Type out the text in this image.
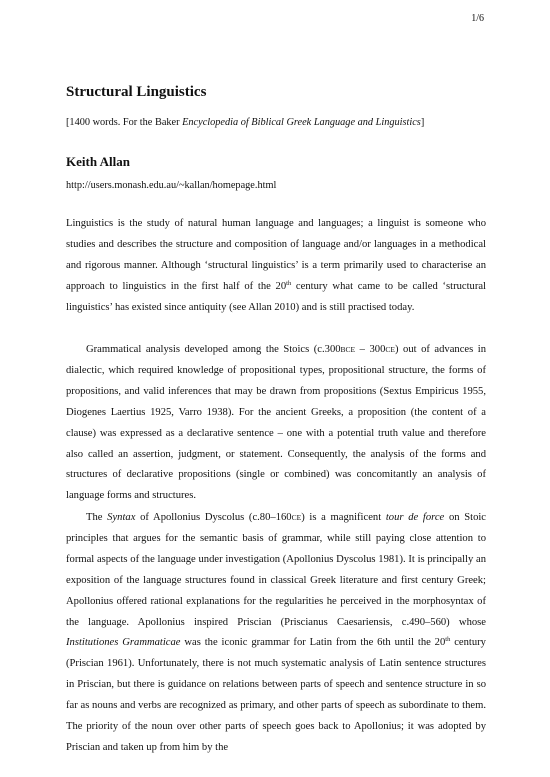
1/6
Structural Linguistics
[1400 words. For the Baker Encyclopedia of Biblical Greek Language and Linguistics]
Keith Allan
http://users.monash.edu.au/~kallan/homepage.html

Linguistics is the study of natural human language and languages; a linguist is someone who studies and describes the structure and composition of language and/or languages in a methodical and rigorous manner. Although ‘structural linguistics’ is a term primarily used to characterise an approach to linguistics in the first half of the 20th century what came to be called ‘structural linguistics’ has existed since antiquity (see Allan 2010) and is still practised today.

Grammatical analysis developed among the Stoics (c.300BCE – 300CE) out of advances in dialectic, which required knowledge of propositional types, propositional structure, the forms of propositions, and valid inferences that may be drawn from propositions (Sextus Empiricus 1955, Diogenes Laertius 1925, Varro 1938). For the ancient Greeks, a proposition (the content of a clause) was expressed as a declarative sentence – one with a potential truth value and therefore also called an assertion, judgment, or statement. Consequently, the analysis of the forms and structures of declarative propositions (single or combined) was concomitantly an analysis of language forms and structures.

The Syntax of Apollonius Dyscolus (c.80–160CE) is a magnificent tour de force on Stoic principles that argues for the semantic basis of grammar, while still paying close attention to formal aspects of the language under investigation (Apollonius Dyscolus 1981). It is principally an exposition of the language structures found in classical Greek literature and first century Greek; Apollonius offered rational explanations for the regularities he perceived in the morphosyntax of the language. Apollonius inspired Priscian (Priscianus Caesariensis, c.490–560) whose Institutiones Grammaticae was the iconic grammar for Latin from the 6th until the 20th century (Priscian 1961). Unfortunately, there is not much systematic analysis of Latin sentence structures in Priscian, but there is guidance on relations between parts of speech and sentence structure in so far as nouns and verbs are recognized as primary, and other parts of speech as subordinate to them. The priority of the noun over other parts of speech goes back to Apollonius; it was adopted by Priscian and taken up from him by the
